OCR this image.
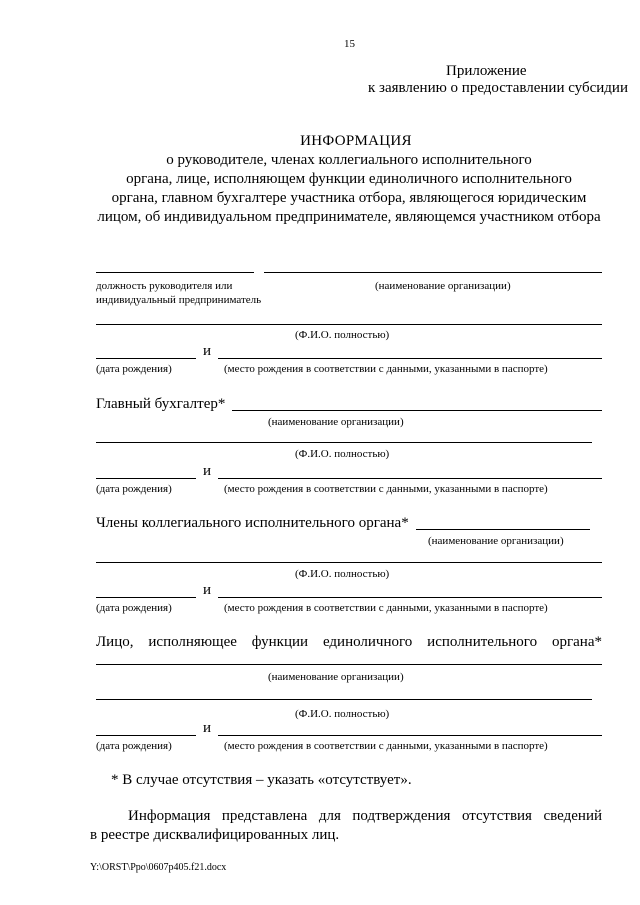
15
Приложение
к заявлению о предоставлении субсидии
ИНФОРМАЦИЯ
о руководителе, членах коллегиального исполнительного
органа, лице, исполняющем функции единоличного исполнительного
органа, главном бухгалтере участника отбора, являющегося юридическим
лицом, об индивидуальном предпринимателе, являющемся участником отбора
должность руководителя или	(наименование организации)
индивидуальный предприниматель
(Ф.И.О. полностью)
и
(дата рождения)	(место рождения в соответствии с данными, указанными в паспорте)
Главный бухгалтер*
(наименование организации)
(Ф.И.О. полностью)
и
(дата рождения)	(место рождения в соответствии с данными, указанными в паспорте)
Члены коллегиального исполнительного органа*
(наименование организации)
(Ф.И.О. полностью)
и
(дата рождения)	(место рождения в соответствии с данными, указанными в паспорте)
Лицо, исполняющее функции единоличного исполнительного органа*
(наименование организации)
(Ф.И.О. полностью)
и
(дата рождения)	(место рождения в соответствии с данными, указанными в паспорте)
* В случае отсутствия – указать «отсутствует».
Информация представлена для подтверждения отсутствия сведений
в реестре дисквалифицированных лиц.
Y:\ORST\Ppo\0607p405.f21.docx
